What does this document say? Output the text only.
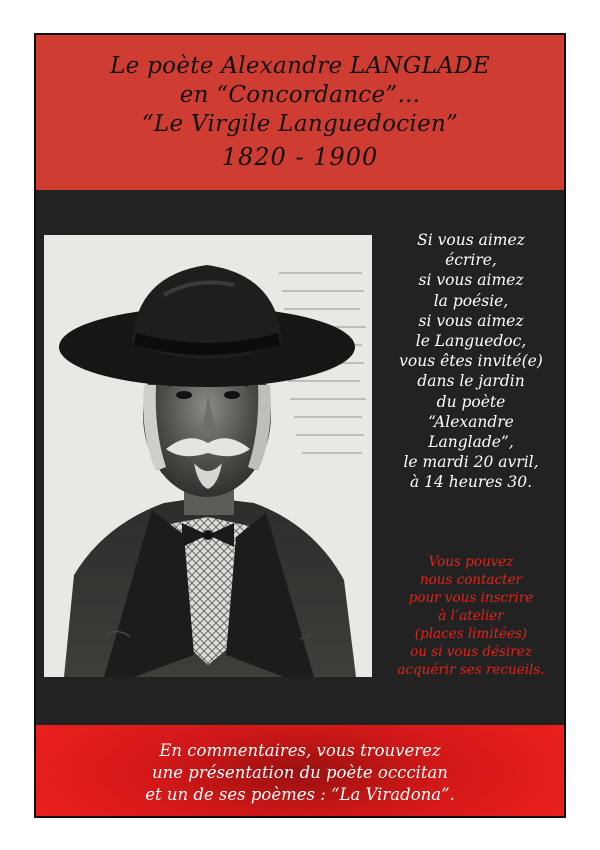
Le poète Alexandre LANGLADE
en “Concordance”...
“Le Virgile Languedocien”
1820 - 1900
Si vous aimez
écrire,
si vous aimez
la poésie,
si vous aimez
le Languedoc,
vous êtes invité(e)
dans le jardin
du poète
“Alexandre
Langlade”,
le mardi 20 avril,
à 14 heures 30.
Vous pouvez
nous contacter
pour vous inscrire
à l’atelier
(places limitées)
ou si vous désirez
acquérir ses recueils.
En commentaires, vous trouverez
une présentation du poète occcitan
et un de ses poèmes : “La Viradona”.
